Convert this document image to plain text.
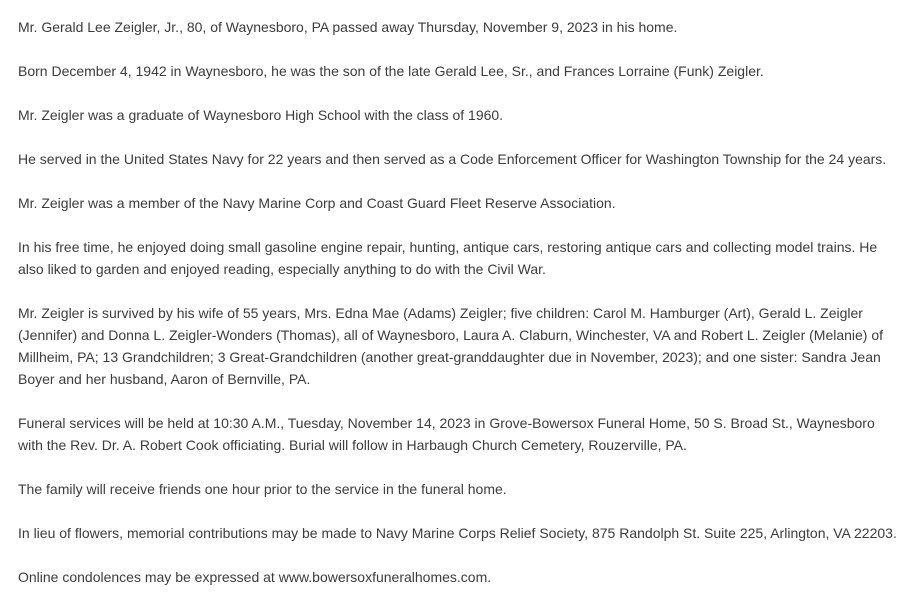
Mr. Gerald Lee Zeigler, Jr., 80, of Waynesboro, PA passed away Thursday, November 9, 2023 in his home.

Born December 4, 1942 in Waynesboro, he was the son of the late Gerald Lee, Sr., and Frances Lorraine (Funk) Zeigler.

Mr. Zeigler was a graduate of Waynesboro High School with the class of 1960.

He served in the United States Navy for 22 years and then served as a Code Enforcement Officer for Washington Township for the 24 years.

Mr. Zeigler was a member of the Navy Marine Corp and Coast Guard Fleet Reserve Association.

In his free time, he enjoyed doing small gasoline engine repair, hunting, antique cars, restoring antique cars and collecting model trains. He also liked to garden and enjoyed reading, especially anything to do with the Civil War.

Mr. Zeigler is survived by his wife of 55 years, Mrs. Edna Mae (Adams) Zeigler; five children: Carol M. Hamburger (Art), Gerald L. Zeigler (Jennifer) and Donna L. Zeigler-Wonders (Thomas), all of Waynesboro, Laura A. Claburn, Winchester, VA and Robert L. Zeigler (Melanie) of Millheim, PA; 13 Grandchildren; 3 Great-Grandchildren (another great-granddaughter due in November, 2023); and one sister: Sandra Jean Boyer and her husband, Aaron of Bernville, PA.

Funeral services will be held at 10:30 A.M., Tuesday, November 14, 2023 in Grove-Bowersox Funeral Home, 50 S. Broad St., Waynesboro with the Rev. Dr. A. Robert Cook officiating. Burial will follow in Harbaugh Church Cemetery, Rouzerville, PA.

The family will receive friends one hour prior to the service in the funeral home.

In lieu of flowers, memorial contributions may be made to Navy Marine Corps Relief Society, 875 Randolph St. Suite 225, Arlington, VA 22203.

Online condolences may be expressed at www.bowersoxfuneralhomes.com.
